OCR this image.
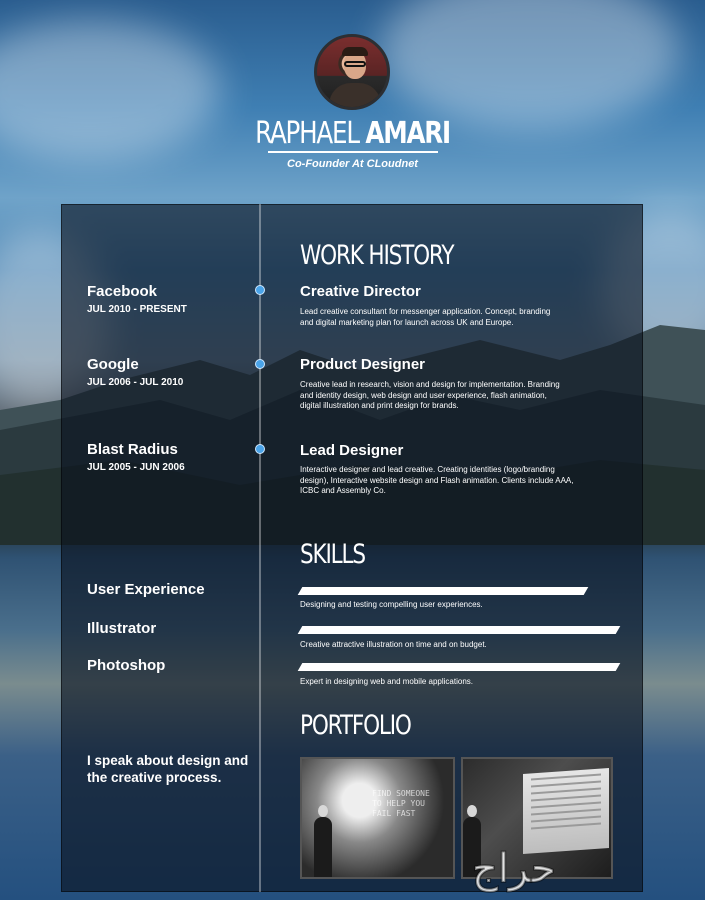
RAPHAEL AMARI
Co-Founder At CLoudnet
WORK HISTORY
Facebook
JUL 2010 - PRESENT
Creative Director
Lead creative consultant for messenger application. Concept, branding
and digital marketing plan for launch across UK and Europe.
Google
JUL 2006 - JUL 2010
Product Designer
Creative lead in research, vision and design for implementation. Branding
and identity design, web design and user experience, flash animation,
digital illustration and print design for brands.
Blast Radius
JUL 2005 - JUN 2006
Lead Designer
Interactive designer and lead creative. Creating identities (logo/branding
design), Interactive website design and Flash animation. Clients include AAA,
ICBC and Assembly Co.
SKILLS
User Experience
Designing and testing compelling user experiences.
Illustrator
Creative attractive illustration on time and on budget.
Photoshop
Expert in designing web and mobile applications.
PORTFOLIO
I speak about design and the creative process.
FIND SOMEONE
TO HELP YOU
FAIL FAST
حراج
